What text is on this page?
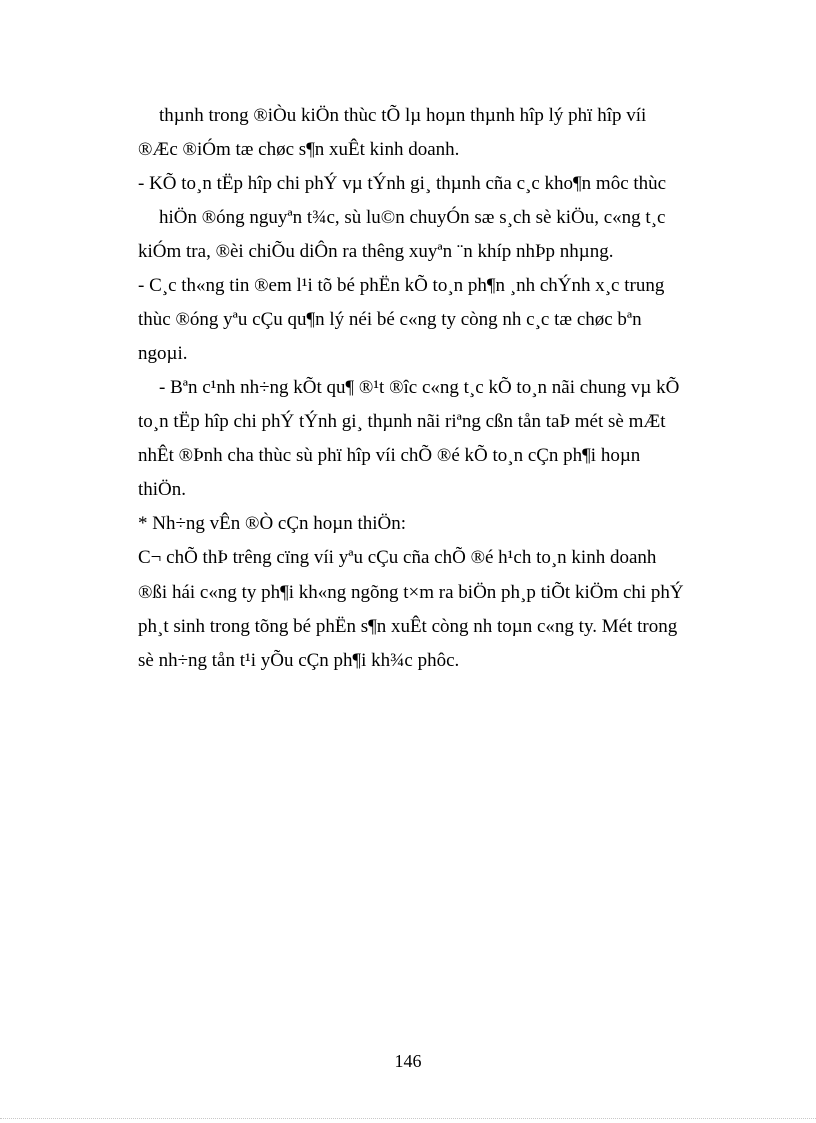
thµnh trong ®iÒu kiÖn thùc tÕ lµ hoµn thµnh hîp lý phï hîp víi
®Æc ®iÓm tæ chøc s¶n xuÊt kinh doanh.
- KÕ to¸n tËp hîp chi phÝ vµ tÝnh gi¸ thµnh cña c¸c kho¶n môc thùc
hiÖn ®óng nguyªn t¾c, sù lu©n chuyÓn sæ s¸ch sè kiÖu, c«ng t¸c
kiÓm tra, ®èi chiÕu diÔn ra thêng xuyªn ¨n khíp nhÞp nhµng.
- C¸c th«ng tin ®em l¹i tõ bé phËn kÕ to¸n ph¶n ¸nh chÝnh x¸c trung
thùc ®óng yªu cÇu qu¶n lý néi bé c«ng ty còng nh c¸c tæ chøc bªn
ngoµi.
- Bªn c¹nh nh÷ng kÕt qu¶ ®¹t ®îc c«ng t¸c kÕ to¸n nãi chung vµ kÕ
to¸n tËp hîp chi phÝ tÝnh gi¸ thµnh nãi riªng cßn tån taÞ mét sè mÆt
nhÊt ®Þnh cha thùc sù phï hîp víi chÕ ®é kÕ to¸n cÇn ph¶i hoµn
thiÖn.
* Nh÷ng vÊn ®Ò cÇn hoµn thiÖn:
C¬ chÕ thÞ trêng cïng víi yªu cÇu cña chÕ ®é h¹ch to¸n kinh doanh
®ßi hái c«ng ty ph¶i kh«ng ngõng t×m ra biÖn ph¸p tiÕt kiÖm chi phÝ
ph¸t sinh trong tõng bé phËn s¶n xuÊt còng nh toµn c«ng ty. Mét trong
sè nh÷ng tån t¹i yÕu cÇn ph¶i kh¾c phôc.
146
